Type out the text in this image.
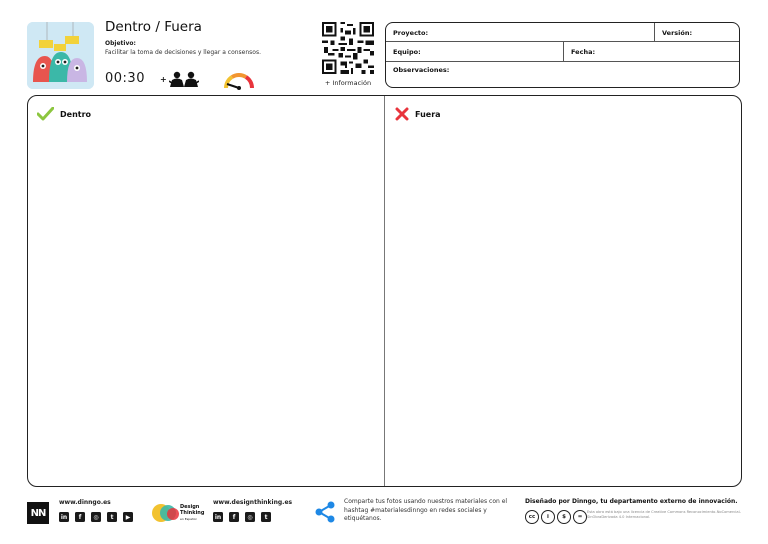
Dentro / Fuera
Objetivo:
Facilitar la toma de decisiones y llegar a consensos.
00:30 +	+ Información
Proyecto:	Versión:
Equipo:	Fecha:
Observaciones:
Dentro	Fuera
NN
www.dinngo.es
in	f	◎	t	▶
Design
Thinking
en Español
www.designthinking.es
in	f	◎	t
Comparte tus fotos usando nuestros materiales con el hashtag #materialesdinngo en redes sociales y etiquétanos.
Diseñado por Dinngo, tu departamento externo de innovación.
cc	i	$	=
Esta obra está bajo una licencia de Creative Commons Reconocimiento-NoComercial-SinObraDerivada 4.0 Internacional.
